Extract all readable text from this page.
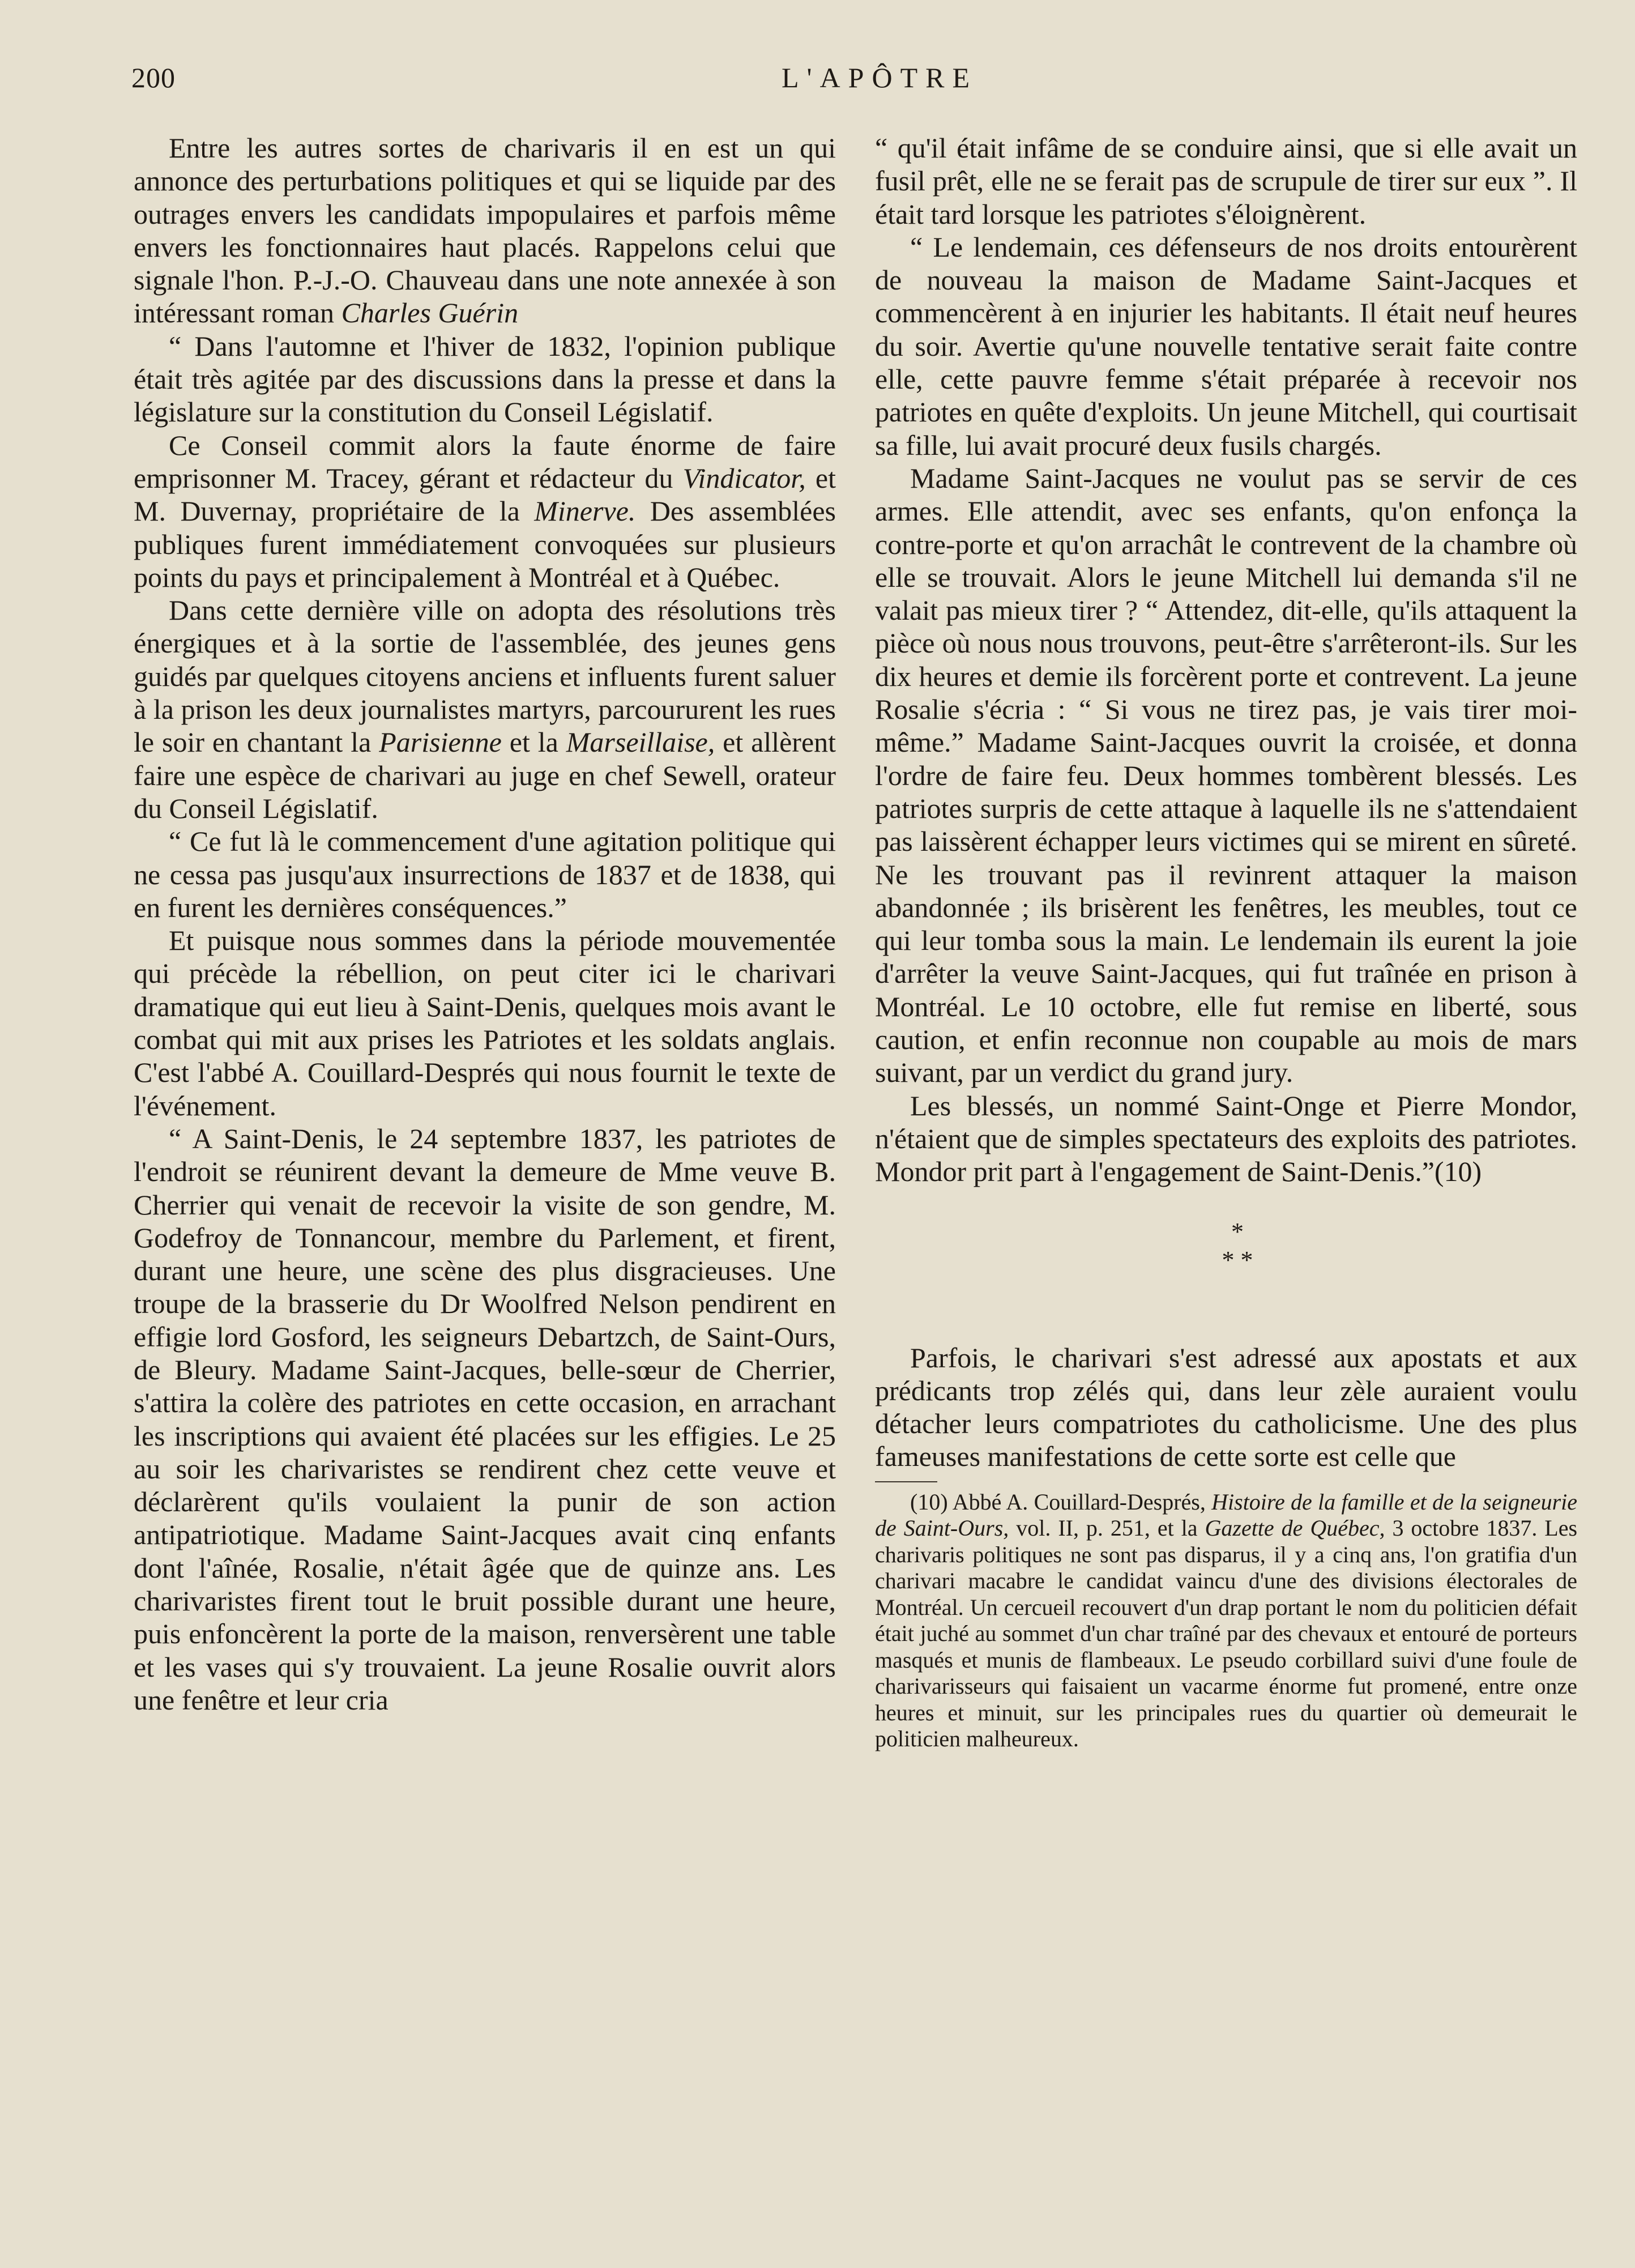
200	L'APÔTRE

Entre les autres sortes de charivaris il en est un qui annonce des perturbations politiques et qui se liquide par des outrages envers les candidats impopulaires et parfois même envers les fonctionnaires haut placés. Rappelons celui que signale l'hon. P.-J.-O. Chauveau dans une note annexée à son intéressant roman Charles Guérin

“ Dans l'automne et l'hiver de 1832, l'opinion publique était très agitée par des discussions dans la presse et dans la législature sur la constitution du Conseil Législatif.

Ce Conseil commit alors la faute énorme de faire emprisonner M. Tracey, gérant et rédacteur du Vindicator, et M. Duvernay, propriétaire de la Minerve. Des assemblées publiques furent immédiatement convoquées sur plusieurs points du pays et principalement à Montréal et à Québec.

Dans cette dernière ville on adopta des résolutions très énergiques et à la sortie de l'assemblée, des jeunes gens guidés par quelques citoyens anciens et influents furent saluer à la prison les deux journalistes martyrs, parcoururent les rues le soir en chantant la Parisienne et la Marseillaise, et allèrent faire une espèce de charivari au juge en chef Sewell, orateur du Conseil Législatif.

“ Ce fut là le commencement d'une agitation politique qui ne cessa pas jusqu'aux insurrections de 1837 et de 1838, qui en furent les dernières conséquences.”

Et puisque nous sommes dans la période mouvementée qui précède la rébellion, on peut citer ici le charivari dramatique qui eut lieu à Saint-Denis, quelques mois avant le combat qui mit aux prises les Patriotes et les soldats anglais. C'est l'abbé A. Couillard-Després qui nous fournit le texte de l'événement.

“ A Saint-Denis, le 24 septembre 1837, les patriotes de l'endroit se réunirent devant la demeure de Mme veuve B. Cherrier qui venait de recevoir la visite de son gendre, M. Godefroy de Tonnancour, membre du Parlement, et firent, durant une heure, une scène des plus disgracieuses. Une troupe de la brasserie du Dr Woolfred Nelson pendirent en effigie lord Gosford, les seigneurs Debartzch, de Saint-Ours, de Bleury. Madame Saint-Jacques, belle-sœur de Cherrier, s'attira la colère des patriotes en cette occasion, en arrachant les inscriptions qui avaient été placées sur les effigies. Le 25 au soir les charivaristes se rendirent chez cette veuve et déclarèrent qu'ils voulaient la punir de son action antipatriotique. Madame Saint-Jacques avait cinq enfants dont l'aînée, Rosalie, n'était âgée que de quinze ans. Les charivaristes firent tout le bruit possible durant une heure, puis enfoncèrent la porte de la maison, renversèrent une table et les vases qui s'y trouvaient. La jeune Rosalie ouvrit alors une fenêtre et leur cria

“ qu'il était infâme de se conduire ainsi, que si elle avait un fusil prêt, elle ne se ferait pas de scrupule de tirer sur eux ”. Il était tard lorsque les patriotes s'éloignèrent.

“ Le lendemain, ces défenseurs de nos droits entourèrent de nouveau la maison de Madame Saint-Jacques et commencèrent à en injurier les habitants. Il était neuf heures du soir. Avertie qu'une nouvelle tentative serait faite contre elle, cette pauvre femme s'était préparée à recevoir nos patriotes en quête d'exploits. Un jeune Mitchell, qui courtisait sa fille, lui avait procuré deux fusils chargés.

Madame Saint-Jacques ne voulut pas se servir de ces armes. Elle attendit, avec ses enfants, qu'on enfonça la contre-porte et qu'on arrachât le contrevent de la chambre où elle se trouvait. Alors le jeune Mitchell lui demanda s'il ne valait pas mieux tirer ? “ Attendez, dit-elle, qu'ils attaquent la pièce où nous nous trouvons, peut-être s'arrêteront-ils. Sur les dix heures et demie ils forcèrent porte et contrevent. La jeune Rosalie s'écria : “ Si vous ne tirez pas, je vais tirer moi-même.” Madame Saint-Jacques ouvrit la croisée, et donna l'ordre de faire feu. Deux hommes tombèrent blessés. Les patriotes surpris de cette attaque à laquelle ils ne s'attendaient pas laissèrent échapper leurs victimes qui se mirent en sûreté. Ne les trouvant pas il revinrent attaquer la maison abandonnée ; ils brisèrent les fenêtres, les meubles, tout ce qui leur tomba sous la main. Le lendemain ils eurent la joie d'arrêter la veuve Saint-Jacques, qui fut traînée en prison à Montréal. Le 10 octobre, elle fut remise en liberté, sous caution, et enfin reconnue non coupable au mois de mars suivant, par un verdict du grand jury.

Les blessés, un nommé Saint-Onge et Pierre Mondor, n'étaient que de simples spectateurs des exploits des patriotes. Mondor prit part à l'engagement de Saint-Denis.”(10)

*
* *

Parfois, le charivari s'est adressé aux apostats et aux prédicants trop zélés qui, dans leur zèle auraient voulu détacher leurs compatriotes du catholicisme. Une des plus fameuses manifestations de cette sorte est celle que

(10) Abbé A. Couillard-Després, Histoire de la famille et de la seigneurie de Saint-Ours, vol. II, p. 251, et la Gazette de Québec, 3 octobre 1837. Les charivaris politiques ne sont pas disparus, il y a cinq ans, l'on gratifia d'un charivari macabre le candidat vaincu d'une des divisions électorales de Montréal. Un cercueil recouvert d'un drap portant le nom du politicien défait était juché au sommet d'un char traîné par des chevaux et entouré de porteurs masqués et munis de flambeaux. Le pseudo corbillard suivi d'une foule de charivarisseurs qui faisaient un vacarme énorme fut promené, entre onze heures et minuit, sur les principales rues du quartier où demeurait le politicien malheureux.
